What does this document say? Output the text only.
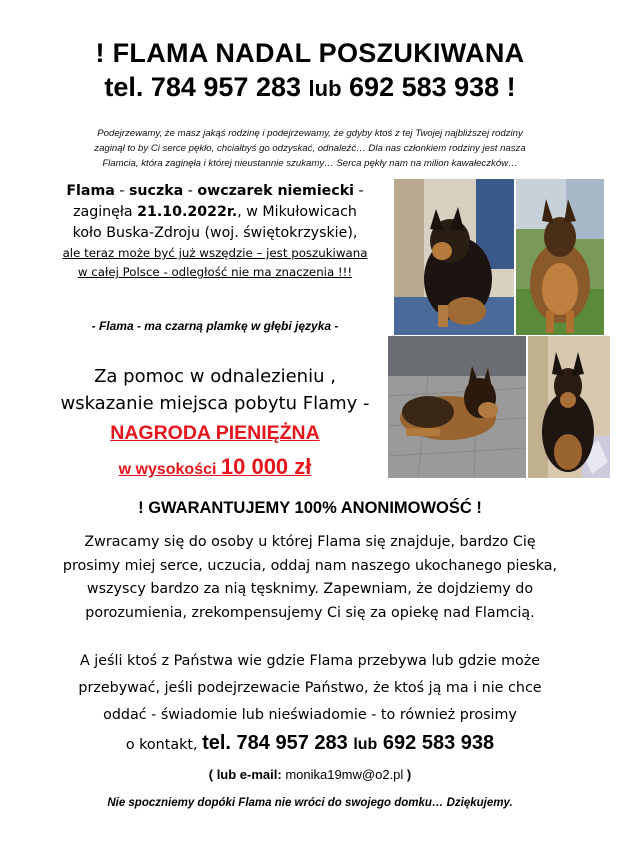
! FLAMA NADAL POSZUKIWANA
tel. 784 957 283 lub 692 583 938 !
Podejrzewamy, że masz jakąś rodzinę i podejrzewamy, że gdyby ktoś z tej Twojej najbliższej rodziny
zaginął to by Ci serce pękło, chciałbyś go odzyskać, odnaleźć… Dla nas członkiem rodziny jest nasza
Flamcia, która zaginęła i której nieustannie szukamy… Serca pękły nam na milion kawałeczków…
Flama - suczka - owczarek niemiecki -
zaginęła 21.10.2022r., w Mikułowicach
koło Buska-Zdroju (woj. świętokrzyskie),
ale teraz może być już wszędzie – jest poszukiwana
w całej Polsce - odległość nie ma znaczenia !!!
- Flama - ma czarną plamkę w głębi języka -
Za pomoc w odnalezieniu ,
wskazanie miejsca pobytu Flamy -
NAGRODA PIENIĘŻNA
w wysokości 10 000 zł
! GWARANTUJEMY 100% ANONIMOWOŚĆ !
Zwracamy się do osoby u której Flama się znajduje, bardzo Cię
prosimy miej serce, uczucia, oddaj nam naszego ukochanego pieska,
wszyscy bardzo za nią tęsknimy. Zapewniam, że dojdziemy do
porozumienia, zrekompensujemy Ci się za opiekę nad Flamcią.
A jeśli ktoś z Państwa wie gdzie Flama przebywa lub gdzie może
przebywać, jeśli podejrzewacie Państwo, że ktoś ją ma i nie chce
oddać - świadomie lub nieświadomie - to również prosimy
o kontakt, tel. 784 957 283 lub 692 583 938
( lub e-mail: monika19mw@o2.pl )
Nie spoczniemy dopóki Flama nie wróci do swojego domku… Dziękujemy.
